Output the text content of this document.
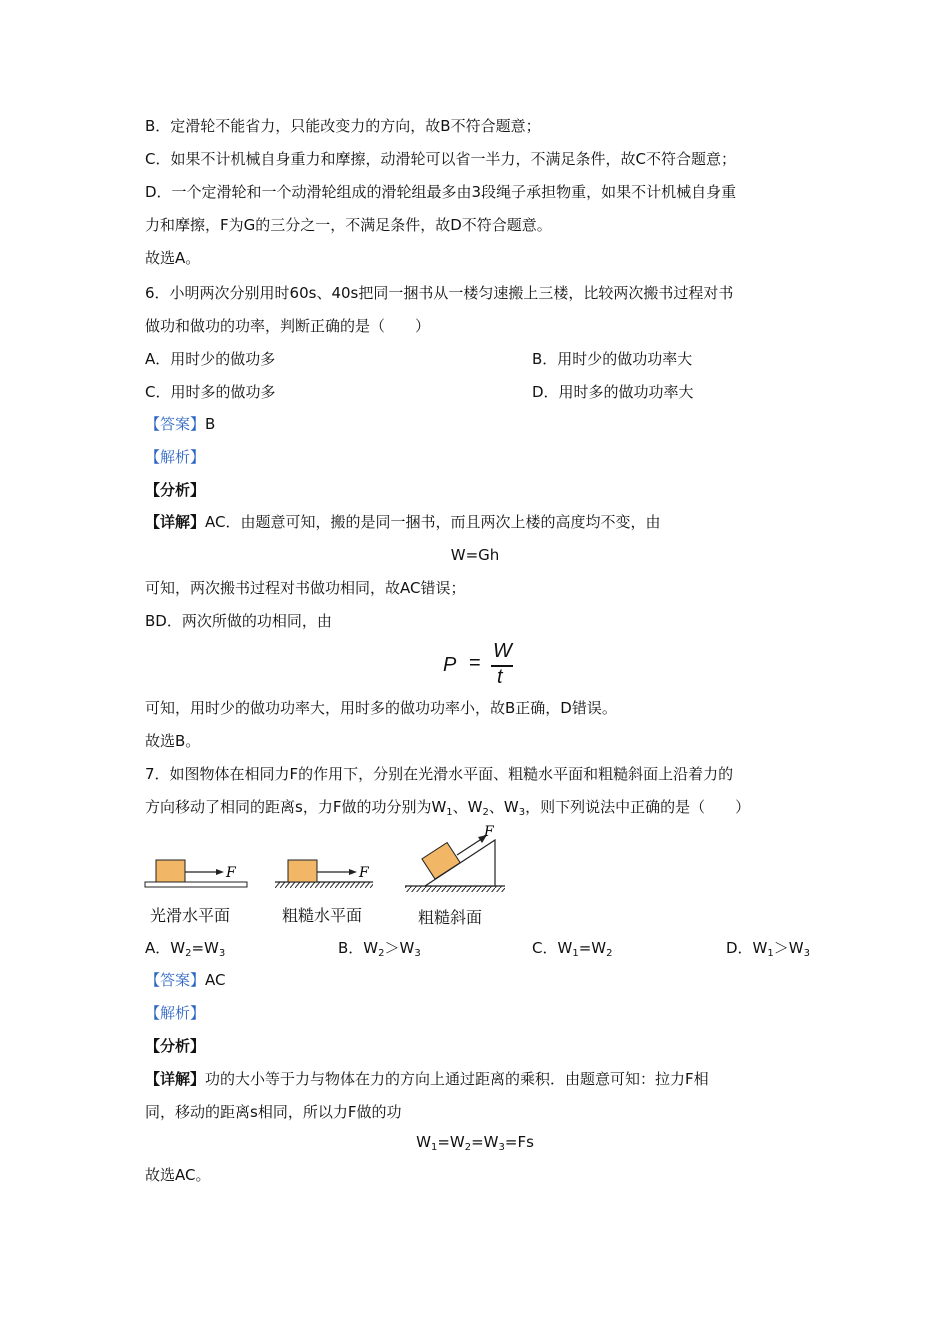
B．定滑轮不能省力，只能改变力的方向，故B不符合题意；
C．如果不计机械自身重力和摩擦，动滑轮可以省一半力，不满足条件，故C不符合题意；
D．一个定滑轮和一个动滑轮组成的滑轮组最多由3段绳子承担物重，如果不计机械自身重
力和摩擦，F为G的三分之一，不满足条件，故D不符合题意。
故选A。
6．小明两次分别用时60s、40s把同一捆书从一楼匀速搬上三楼，比较两次搬书过程对书
做功和做功的功率，判断正确的是（　　）
A．用时少的做功多	B．用时少的做功功率大
C．用时多的做功多	D．用时多的做功功率大
【答案】B
【解析】
【分析】
【详解】AC．由题意可知，搬的是同一捆书，而且两次上楼的高度均不变，由
W=Gh
可知，两次搬书过程对书做功相同，故AC错误；
BD．两次所做的功相同，由
P =
W
t
可知，用时少的做功功率大，用时多的做功功率小，故B正确，D错误。
故选B。
7．如图物体在相同力F的作用下，分别在光滑水平面、粗糙水平面和粗糙斜面上沿着力的
方向移动了相同的距离s，力F做的功分别为$W_1$、$W_2$、$W_3$，则下列说法中正确的是（　　）
F	F
F
光滑水平面	粗糙水平面	粗糙斜面
A．$W_2=W_3$	B．$W_2>W_3$	C．$W_1=W_2$	D．$W_1>W_3$
【答案】AC
【解析】
【分析】
【详解】功的大小等于力与物体在力的方向上通过距离的乘积．由题意可知：拉力F相
同，移动的距离s相同，所以力F做的功
$W_1=W_2=W_3=Fs$
故选AC。
